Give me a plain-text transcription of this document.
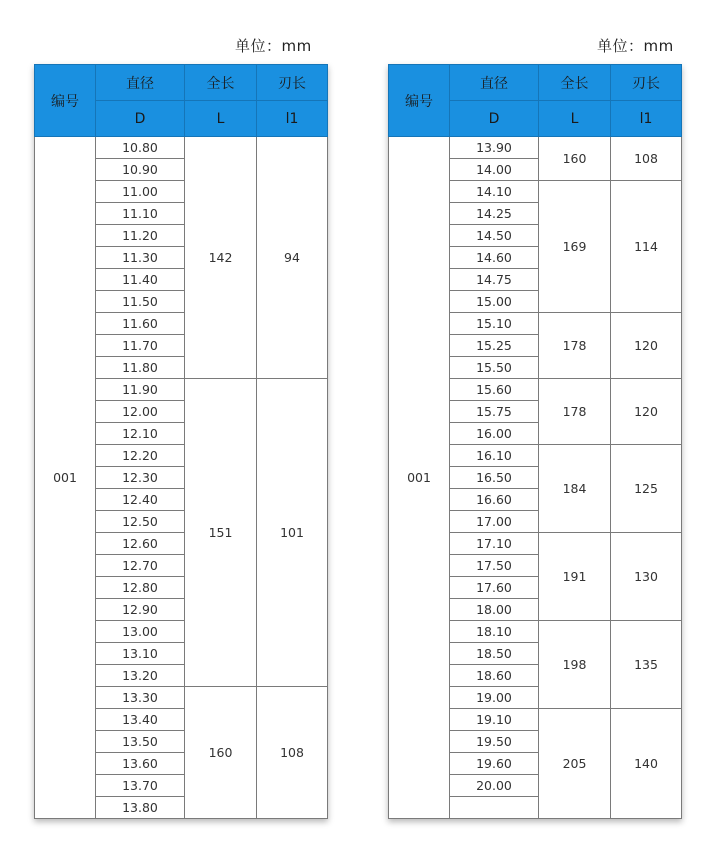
单位：mm	单位：mm
编号	直径	全长	刃长
	D	L	l1
001	10.80	142	94
	10.90		
	11.00		
	11.10		
	11.20		
	11.30		
	11.40		
	11.50		
	11.60		
	11.70		
	11.80		
	11.90	151	101
	12.00		
	12.10		
	12.20		
	12.30		
	12.40		
	12.50		
	12.60		
	12.70		
	12.80		
	12.90		
	13.00		
	13.10		
	13.20		
	13.30	160	108
	13.40		
	13.50		
	13.60		
	13.70		
	13.80		
编号	直径	全长	刃长
	D	L	l1
001	13.90	160	108
	14.00		
	14.10	169	114
	14.25		
	14.50		
	14.60		
	14.75		
	15.00		
	15.10	178	120
	15.25		
	15.50		
	15.60	178	120
	15.75		
	16.00		
	16.10	184	125
	16.50		
	16.60		
	17.00		
	17.10	191	130
	17.50		
	17.60		
	18.00		
	18.10	198	135
	18.50		
	18.60		
	19.00		
	19.10	205	140
	19.50		
	19.60		
	20.00		
